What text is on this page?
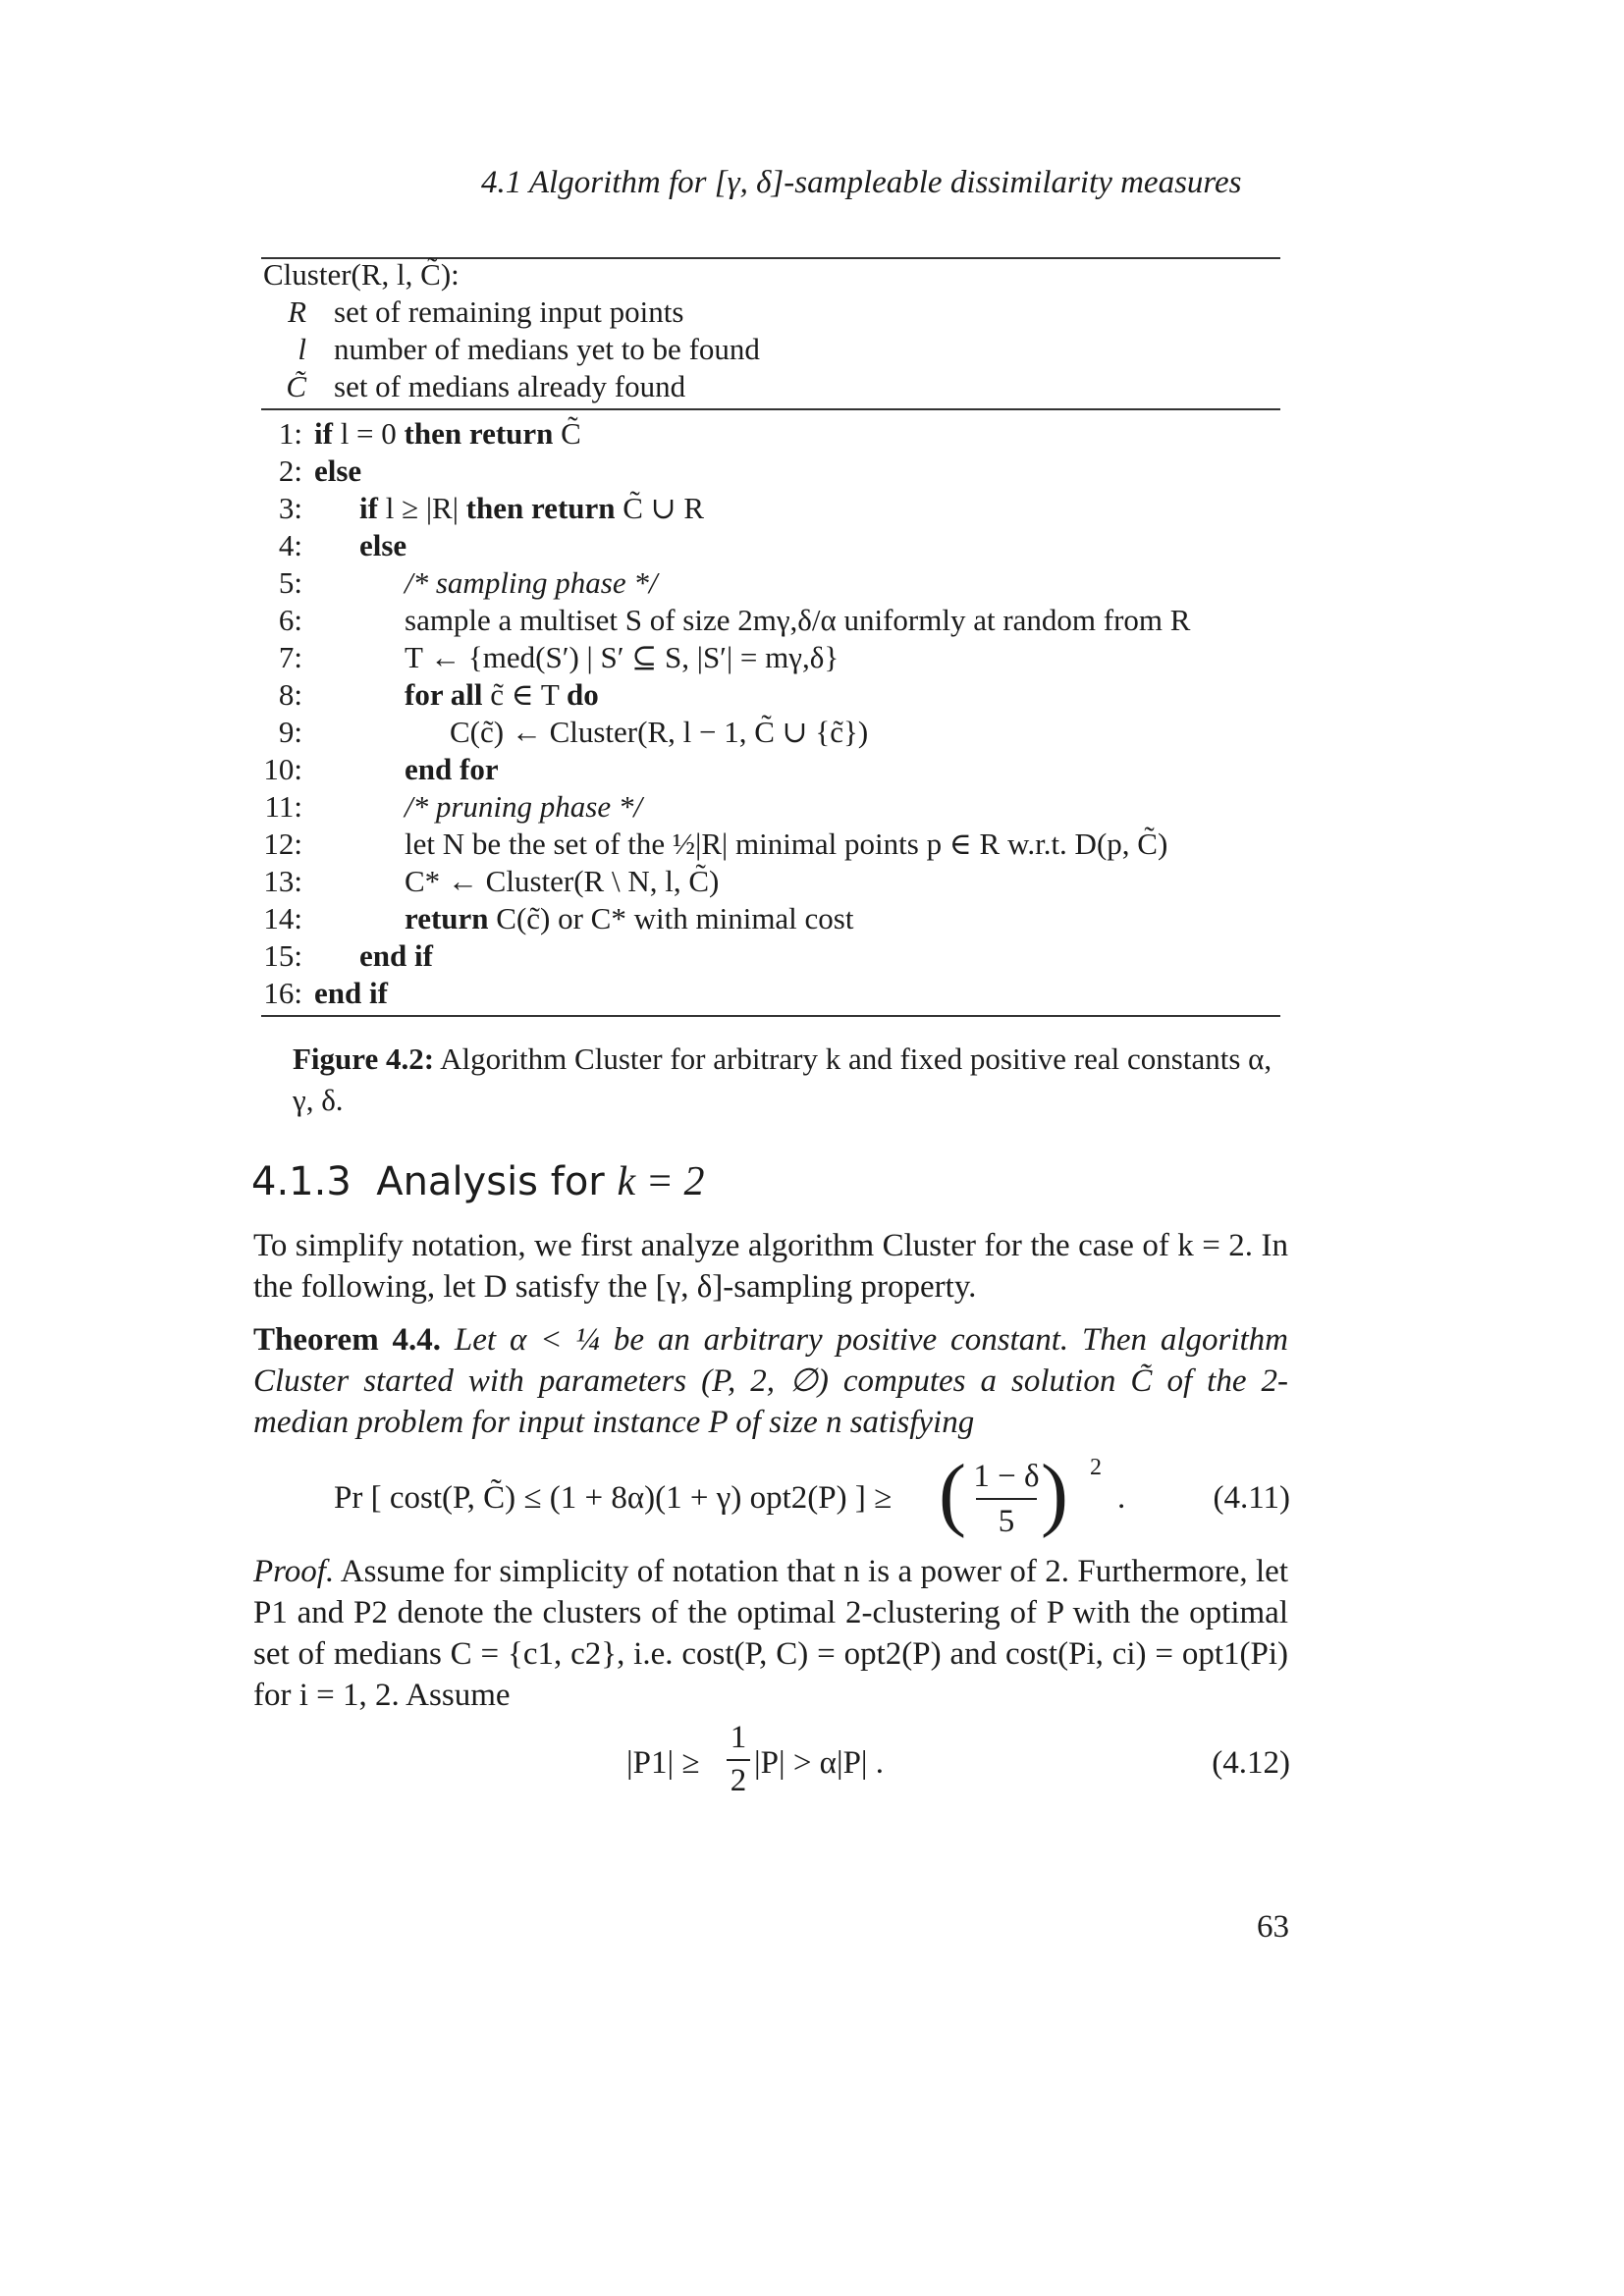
4.1 Algorithm for [γ, δ]-sampleable dissimilarity measures
Cluster(R, l, C̃):
R set of remaining input points
l number of medians yet to be found
C̃ set of medians already found
1: if l = 0 then return C̃
2: else
3: if l ≥ |R| then return C̃ ∪ R
4: else
5:	/* sampling phase */
6:	sample a multiset S of size 2mγ,δ/α uniformly at random from R
7:	T ← {med(S′) | S′ ⊆ S, |S′| = mγ,δ}
8:	for all c̃ ∈ T do
9:	C(c̃) ← Cluster(R, l − 1, C̃ ∪ {c̃})
10:	end for
11:	/* pruning phase */
12:	let N be the set of the ½|R| minimal points p ∈ R w.r.t. D(p, C̃)
13:	C* ← Cluster(R \ N, l, C̃)
14:	return C(c̃) or C* with minimal cost
15: end if
16: end if
Figure 4.2: Algorithm Cluster for arbitrary k and fixed positive real constants α, γ, δ.
4.1.3 Analysis for k = 2
To simplify notation, we first analyze algorithm Cluster for the case of k = 2. In the following, let D satisfy the [γ, δ]-sampling property.
Theorem 4.4. Let α < ¼ be an arbitrary positive constant. Then algorithm Cluster started with parameters (P, 2, ∅) computes a solution C̃ of the 2-median problem for input instance P of size n satisfying
Pr [ cost(P, C̃) ≤ (1 + 8α)(1 + γ) opt2(P) ] ≥ ( 1 − δ
5 ) 2
.	(4.11)
Proof. Assume for simplicity of notation that n is a power of 2. Furthermore, let P1 and P2 denote the clusters of the optimal 2-clustering of P with the optimal set of medians C = {c1, c2}, i.e. cost(P, C) = opt2(P) and cost(Pi, ci) = opt1(Pi) for i = 1, 2. Assume
|P1| ≥
1
2 |P| > α|P| .	(4.12)
63
